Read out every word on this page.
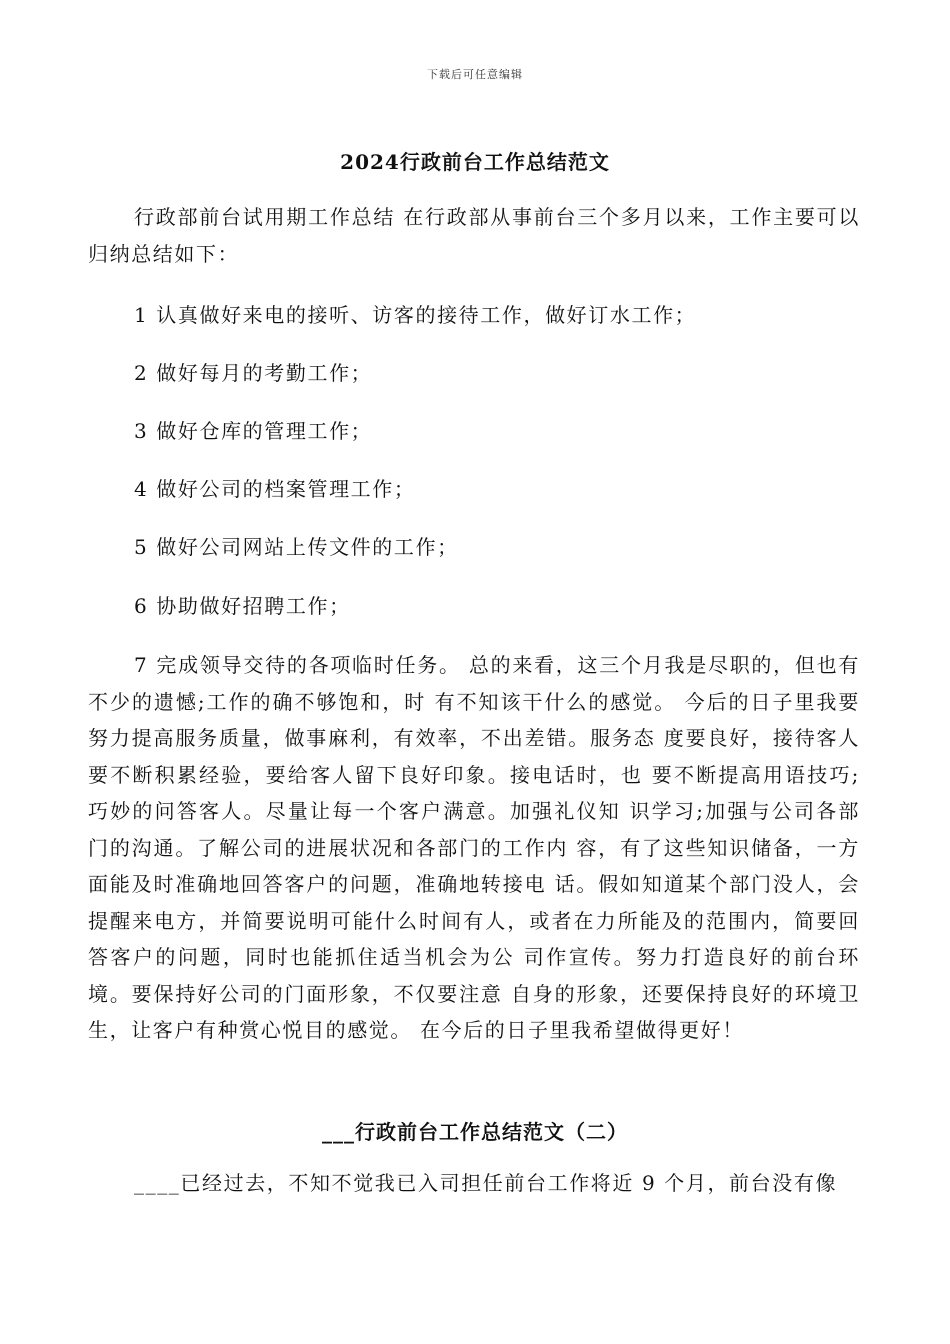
下载后可任意编辑
2024行政前台工作总结范文

行政部前台试用期工作总结 在行政部从事前台三个多月以来，工作主要可以归纳总结如下：

1 认真做好来电的接听、访客的接待工作，做好订水工作；

2 做好每月的考勤工作；

3 做好仓库的管理工作；

4 做好公司的档案管理工作；

5 做好公司网站上传文件的工作；

6 协助做好招聘工作；

7 完成领导交待的各项临时任务。 总的来看，这三个月我是尽职的，但也有不少的遗憾;工作的确不够饱和，时 有不知该干什么的感觉。 今后的日子里我要努力提高服务质量，做事麻利，有效率，不出差错。服务态 度要良好，接待客人要不断积累经验，要给客人留下良好印象。接电话时，也 要不断提高用语技巧;巧妙的问答客人。尽量让每一个客户满意。加强礼仪知 识学习;加强与公司各部门的沟通。了解公司的进展状况和各部门的工作内 容，有了这些知识储备，一方面能及时准确地回答客户的问题，准确地转接电 话。假如知道某个部门没人，会提醒来电方，并简要说明可能什么时间有人，或者在力所能及的范围内，简要回答客户的问题，同时也能抓住适当机会为公 司作宣传。努力打造良好的前台环境。要保持好公司的门面形象，不仅要注意 自身的形象，还要保持良好的环境卫生，让客户有种赏心悦目的感觉。 在今后的日子里我希望做得更好！

___行政前台工作总结范文（二）

____已经过去，不知不觉我已入司担任前台工作将近 9 个月，前台没有像
